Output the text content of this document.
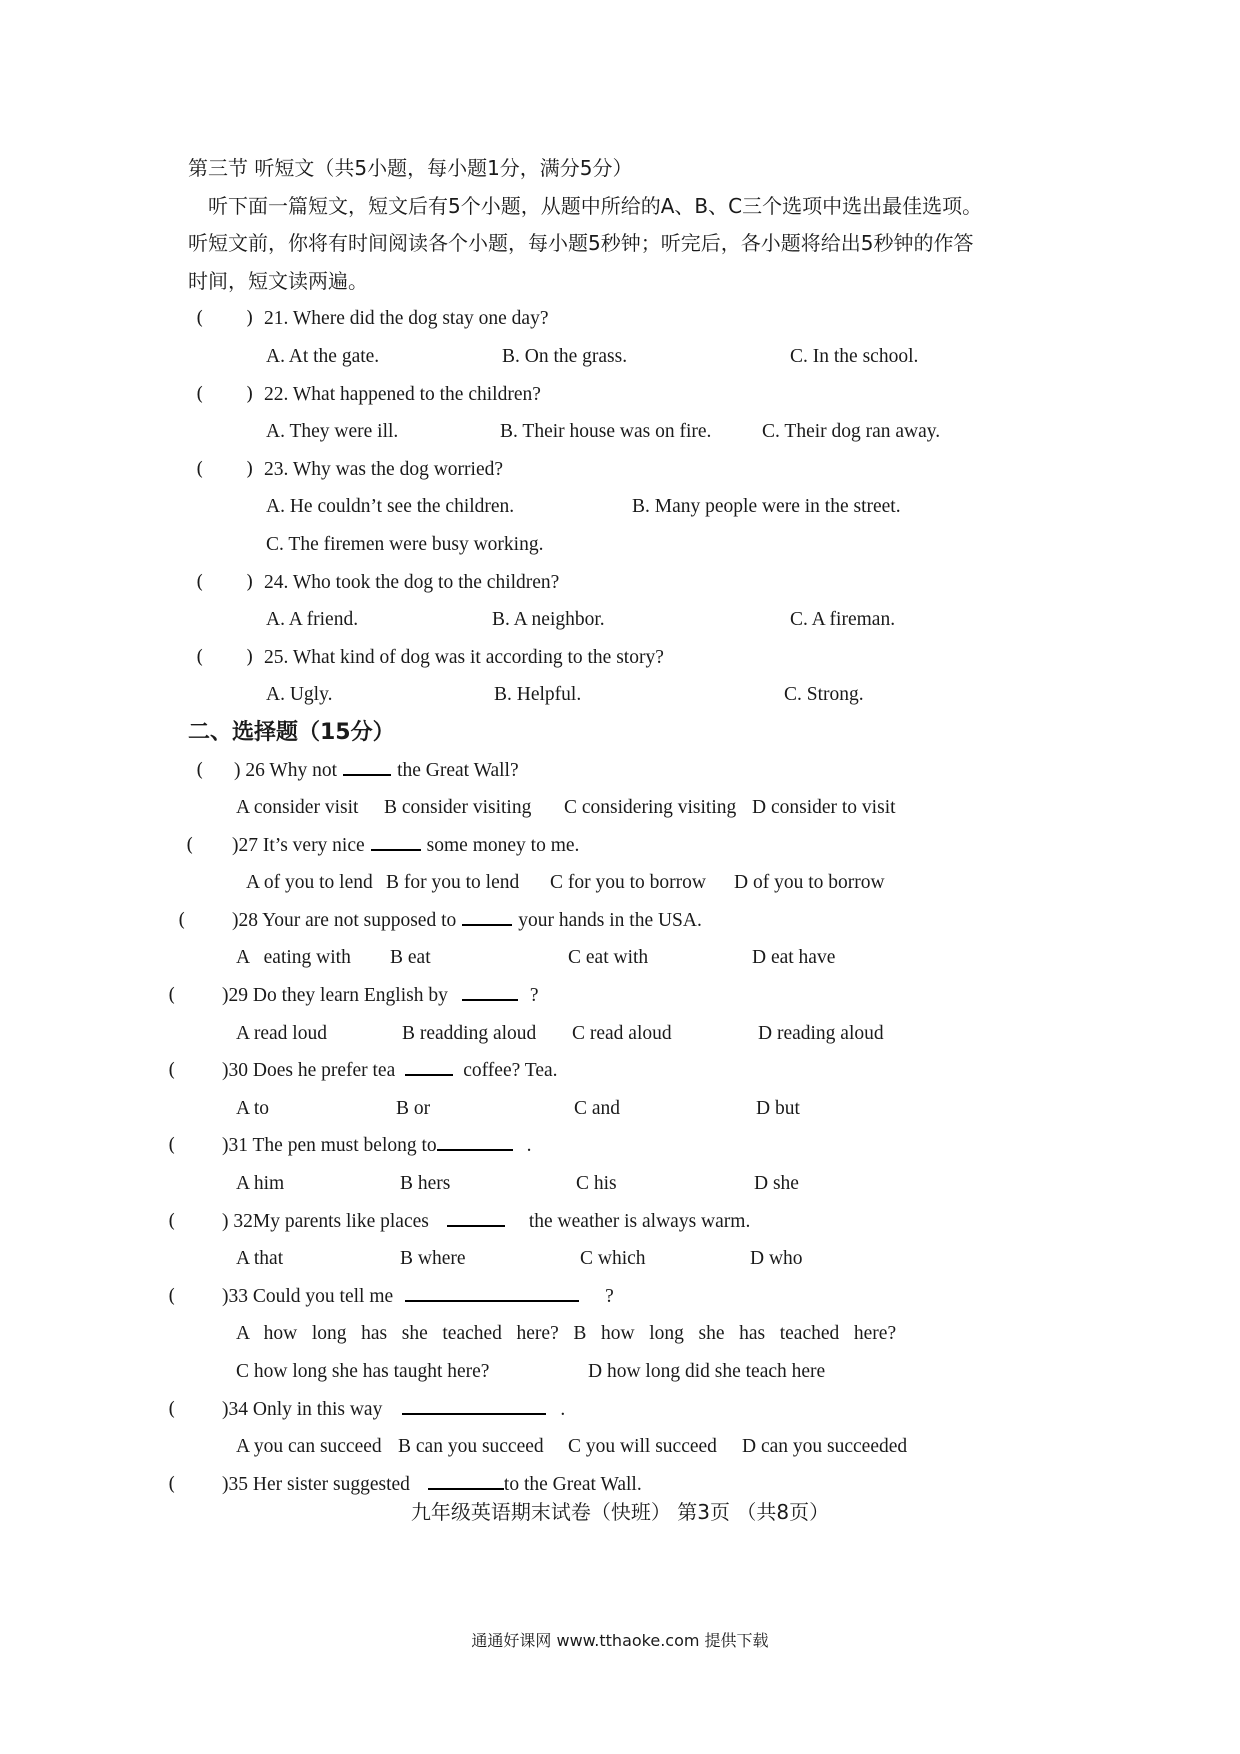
第三节 听短文（共5小题，每小题1分，满分5分）
听下面一篇短文，短文后有5个小题，从题中所给的A、B、C三个选项中选出最佳选项。
听短文前，你将有时间阅读各个小题，每小题5秒钟；听完后，各小题将给出5秒钟的作答
时间，短文读两遍。
( ) 21. Where did the dog stay one day?
A. At the gate.	B. On the grass.	C. In the school.
( ) 22. What happened to the children?
A. They were ill.	B. Their house was on fire.	C. Their dog ran away.
( ) 23. Why was the dog worried?
A. He couldn’t see the children.	B. Many people were in the street.
C. The firemen were busy working.
( ) 24. Who took the dog to the children?
A. A friend.	B. A neighbor.	C. A fireman.
( ) 25. What kind of dog was it according to the story?
A. Ugly.	B. Helpful.	C. Strong.
二、选择题（15分）
( ) 26 Why not	the Great Wall?
A consider visit B consider visiting C considering visiting D consider to visit
( )27 It’s very nice	some money to me.
A of you to lend B for you to lend C for you to borrow D of you to borrow
( )28 Your are not supposed to	your hands in the USA.
A   eating with B eat	C eat with	D eat have
( )29 Do they learn English by	?
A read loud	B readding aloud C read aloud	D reading aloud
( )30 Does he prefer tea	coffee? Tea.
A to	B or	C and	D but
( )31 The pen must belong to	.
A him	B hers	C his	D she
( ) 32My parents like places	the weather is always warm.
A that	B where	C which	D who
( )33 Could you tell me	?
A   how   long   has   she   teached   here?   B   how   long   she   has   teached   here?
C how long she has taught here?	D how long did she teach here
( )34 Only in this way	.
A you can succeed B can you succeed C you will succeed D can you succeeded
( )35 Her sister suggested	to the Great Wall.
九年级英语期末试卷（快班） 第3页 （共8页）
通通好课网 www.tthaoke.com 提供下载
